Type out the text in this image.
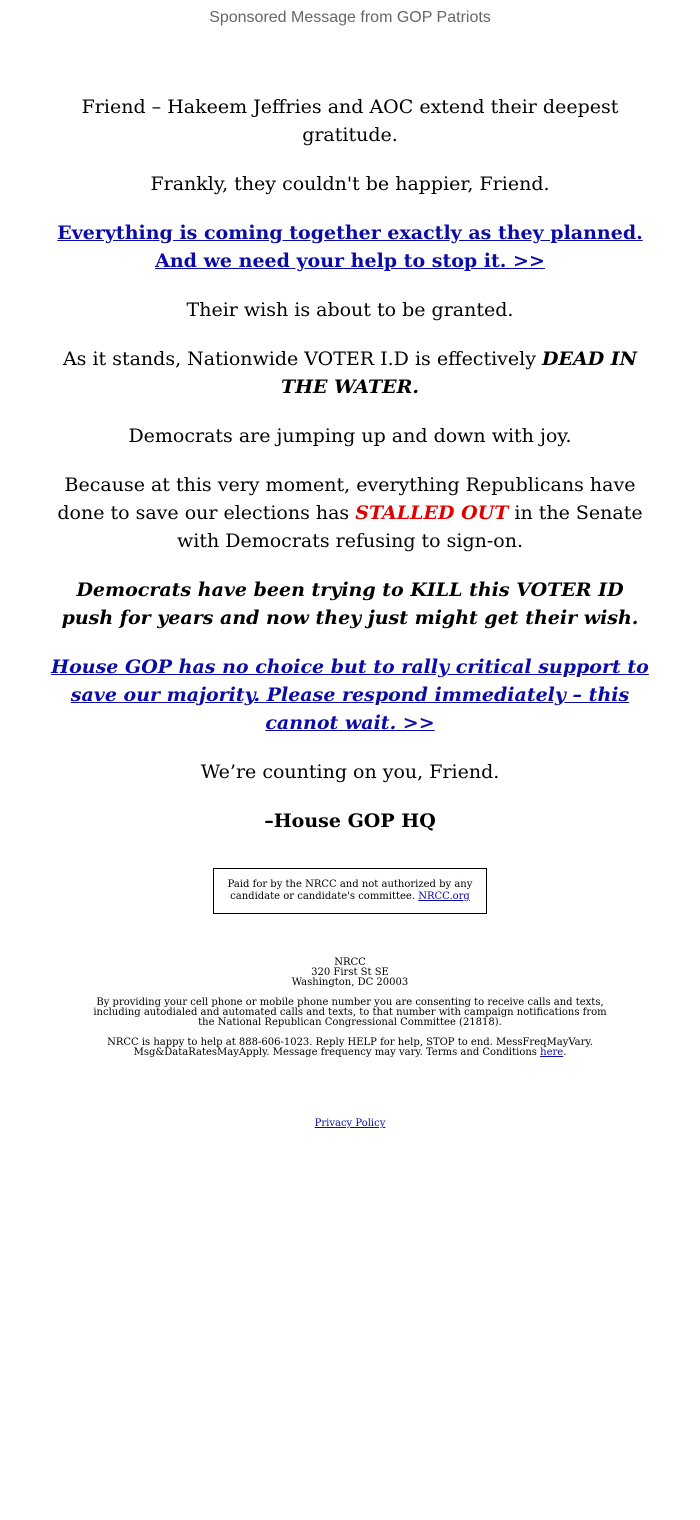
Sponsored Message from GOP Patriots

Friend – Hakeem Jeffries and AOC extend their deepest gratitude.

Frankly, they couldn't be happier, Friend.

Everything is coming together exactly as they planned.
And we need your help to stop it. >>

Their wish is about to be granted.

As it stands, Nationwide VOTER I.D is effectively DEAD IN THE WATER.

Democrats are jumping up and down with joy.

Because at this very moment, everything Republicans have done to save our elections has STALLED OUT in the Senate with Democrats refusing to sign-on.

Democrats have been trying to KILL this VOTER ID push for years and now they just might get their wish.

House GOP has no choice but to rally critical support to save our majority. Please respond immediately – this cannot wait. >>

We’re counting on you, Friend.

–House GOP HQ

Paid for by the NRCC and not authorized by any candidate or candidate's committee. NRCC.org

NRCC
320 First St SE
Washington, DC 20003

By providing your cell phone or mobile phone number you are consenting to receive calls and texts, including autodialed and automated calls and texts, to that number with campaign notifications from the National Republican Congressional Committee (21818).

NRCC is happy to help at 888-606-1023. Reply HELP for help, STOP to end. MessFreqMayVary. Msg&DataRatesMayApply. Message frequency may vary. Terms and Conditions here.

Privacy Policy
